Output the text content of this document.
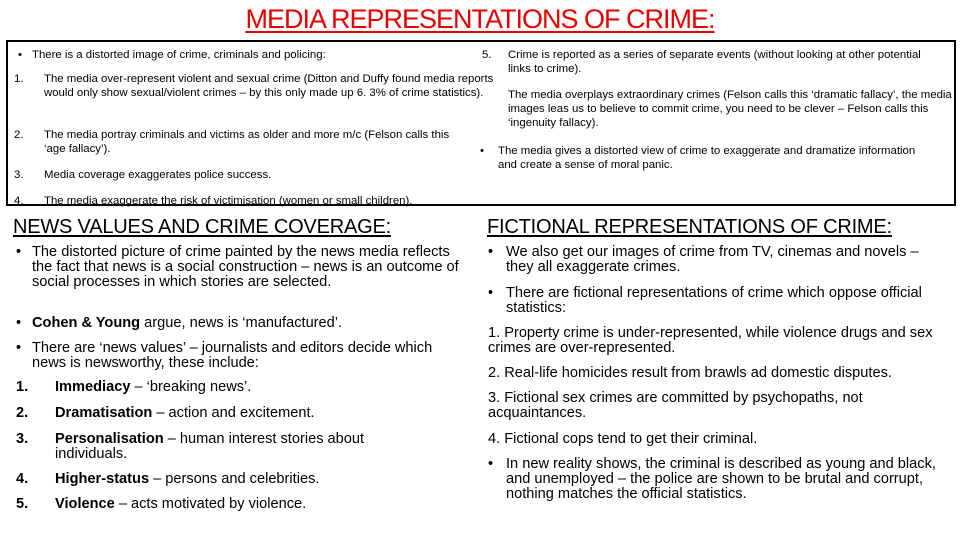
MEDIA REPRESENTATIONS OF CRIME:
• There is a distorted image of crime, criminals and policing:
1. The media over-represent violent and sexual crime (Ditton and Duffy found media reports would only show sexual/violent crimes – by this only made up 6. 3% of crime statistics).
2. The media portray criminals and victims as older and more m/c (Felson calls this ‘age fallacy’).
3. Media coverage exaggerates police success.
4. The media exaggerate the risk of victimisation (women or small children).
5. Crime is reported as a series of separate events (without looking at other potential links to crime).
The media overplays extraordinary crimes (Felson calls this ‘dramatic fallacy’, the media images leas us to believe to commit crime, you need to be clever – Felson calls this ‘ingenuity fallacy).
• The media gives a distorted view of crime to exaggerate and dramatize information and create a sense of moral panic.
NEWS VALUES AND CRIME COVERAGE:
• The distorted picture of crime painted by the news media reflects the fact that news is a social construction – news is an outcome of social processes in which stories are selected.
• Cohen & Young argue, news is ‘manufactured’.
• There are ‘news values’ – journalists and editors decide which news is newsworthy, these include:
1. Immediacy – ‘breaking news’.
2. Dramatisation – action and excitement.
3. Personalisation – human interest stories about individuals.
4. Higher-status – persons and celebrities.
5. Violence – acts motivated by violence.
FICTIONAL REPRESENTATIONS OF CRIME:
• We also get our images of crime from TV, cinemas and novels – they all exaggerate crimes.
• There are fictional representations of crime which oppose official statistics:
1. Property crime is under-represented, while violence drugs and sex crimes are over-represented.
2. Real-life homicides result from brawls ad domestic disputes.
3. Fictional sex crimes are committed by psychopaths, not acquaintances.
4. Fictional cops tend to get their criminal.
• In new reality shows, the criminal is described as young and black, and unemployed – the police are shown to be brutal and corrupt, nothing matches the official statistics.
